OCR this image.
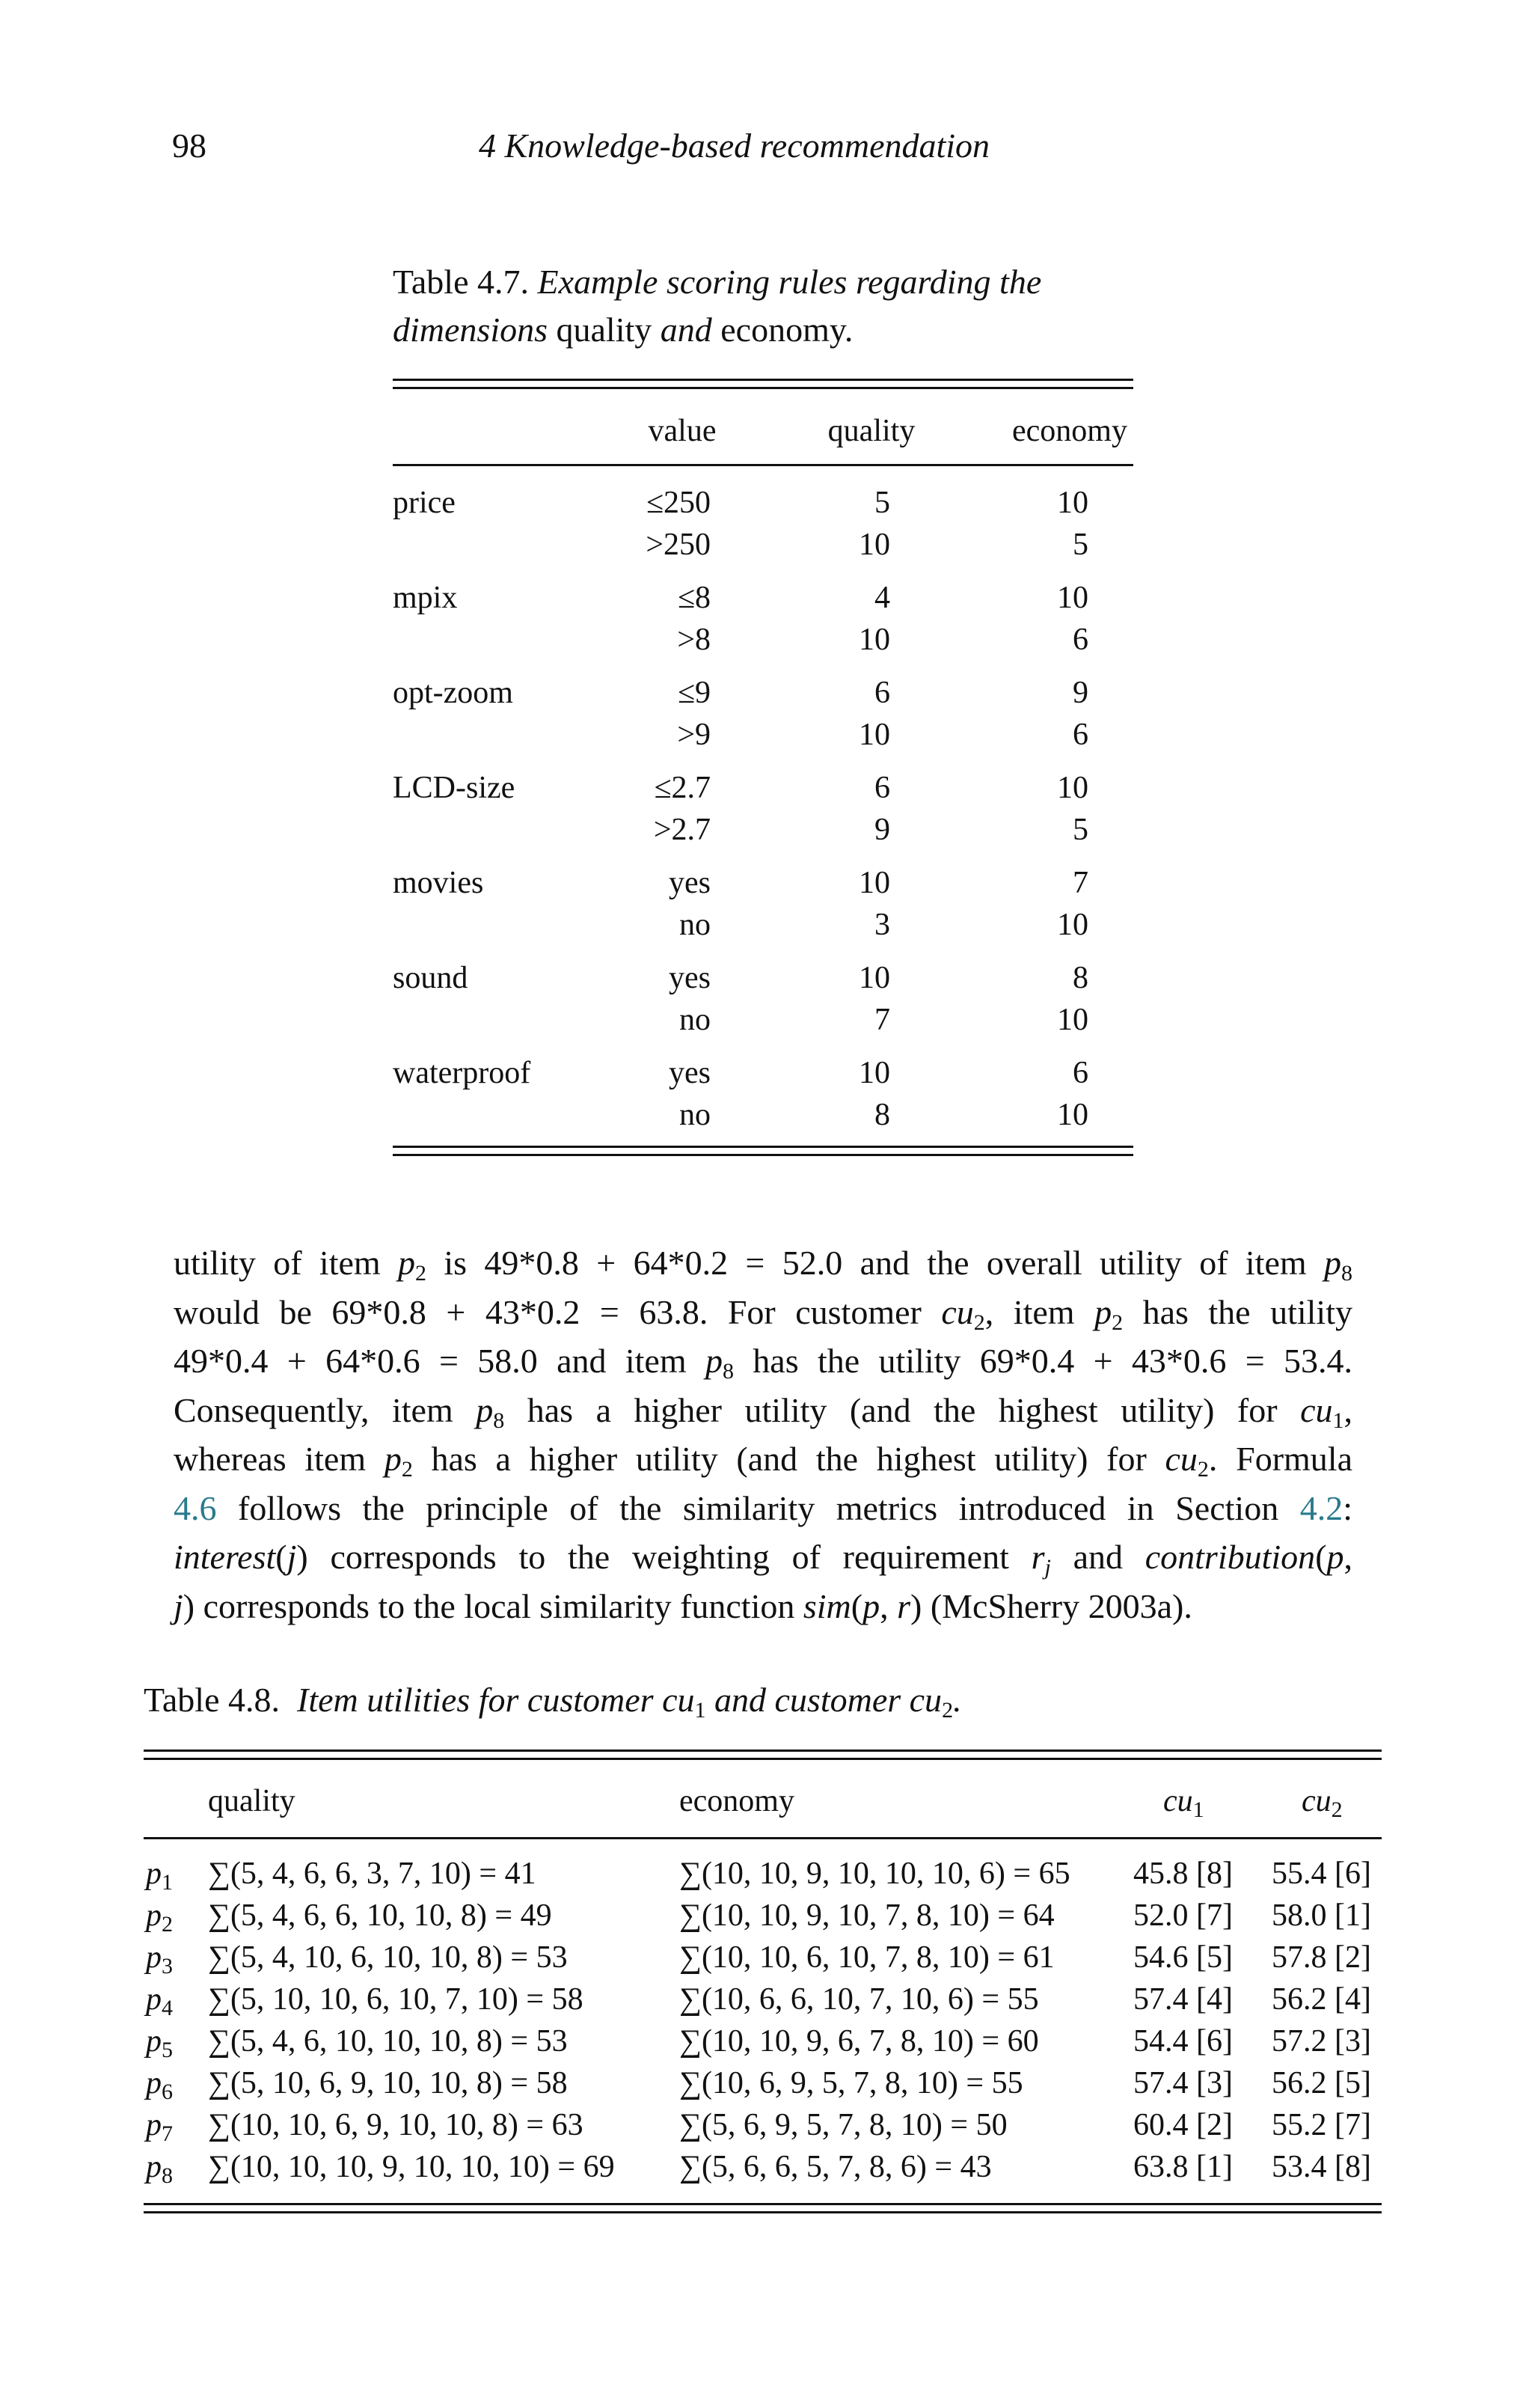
98	4 Knowledge-based recommendation
Table 4.7. Example scoring rules regarding the
dimensions quality and economy.
value	quality	economy
price	≤250	5	10
>250	10	5
mpix	≤8	4	10
>8	10	6
opt-zoom	≤9	6	9
>9	10	6
LCD-size	≤2.7	6	10
>2.7	9	5
movies	yes	10	7
no	3	10
sound	yes	10	8
no	7	10
waterproof	yes	10	6
no	8	10
utility of item $p_2$ is 49*0.8 + 64*0.2 = 52.0 and the overall utility of item $p_8$
would be 69*0.8 + 43*0.2 = 63.8. For customer $cu_2$, item $p_2$ has the utility
49*0.4 + 64*0.6 = 58.0 and item $p_8$ has the utility 69*0.4 + 43*0.6 = 53.4.
Consequently, item $p_8$ has a higher utility (and the highest utility) for $cu_1$,
whereas item $p_2$ has a higher utility (and the highest utility) for $cu_2$. Formula
4.6 follows the principle of the similarity metrics introduced in Section 4.2:
interest(j) corresponds to the weighting of requirement $r_j$ and contribution(p,
j) corresponds to the local similarity function sim(p, r) (McSherry 2003a).
Table 4.8. Item utilities for customer $cu_1$ and customer $cu_2$.
quality	economy	$cu_1$	$cu_2$
$p_1$ ∑(5, 4, 6, 6, 3, 7, 10) = 41	∑(10, 10, 9, 10, 10, 10, 6) = 65 45.8 [8] 55.4 [6]
$p_2$ ∑(5, 4, 6, 6, 10, 10, 8) = 49	∑(10, 10, 9, 10, 7, 8, 10) = 64	52.0 [7] 58.0 [1]
$p_3$ ∑(5, 4, 10, 6, 10, 10, 8) = 53	∑(10, 10, 6, 10, 7, 8, 10) = 61	54.6 [5] 57.8 [2]
$p_4$ ∑(5, 10, 10, 6, 10, 7, 10) = 58	∑(10, 6, 6, 10, 7, 10, 6) = 55	57.4 [4] 56.2 [4]
$p_5$ ∑(5, 4, 6, 10, 10, 10, 8) = 53	∑(10, 10, 9, 6, 7, 8, 10) = 60	54.4 [6] 57.2 [3]
$p_6$ ∑(5, 10, 6, 9, 10, 10, 8) = 58	∑(10, 6, 9, 5, 7, 8, 10) = 55	57.4 [3] 56.2 [5]
$p_7$ ∑(10, 10, 6, 9, 10, 10, 8) = 63	∑(5, 6, 9, 5, 7, 8, 10) = 50	60.4 [2] 55.2 [7]
$p_8$ ∑(10, 10, 10, 9, 10, 10, 10) = 69 ∑(5, 6, 6, 5, 7, 8, 6) = 43	63.8 [1] 53.4 [8]
